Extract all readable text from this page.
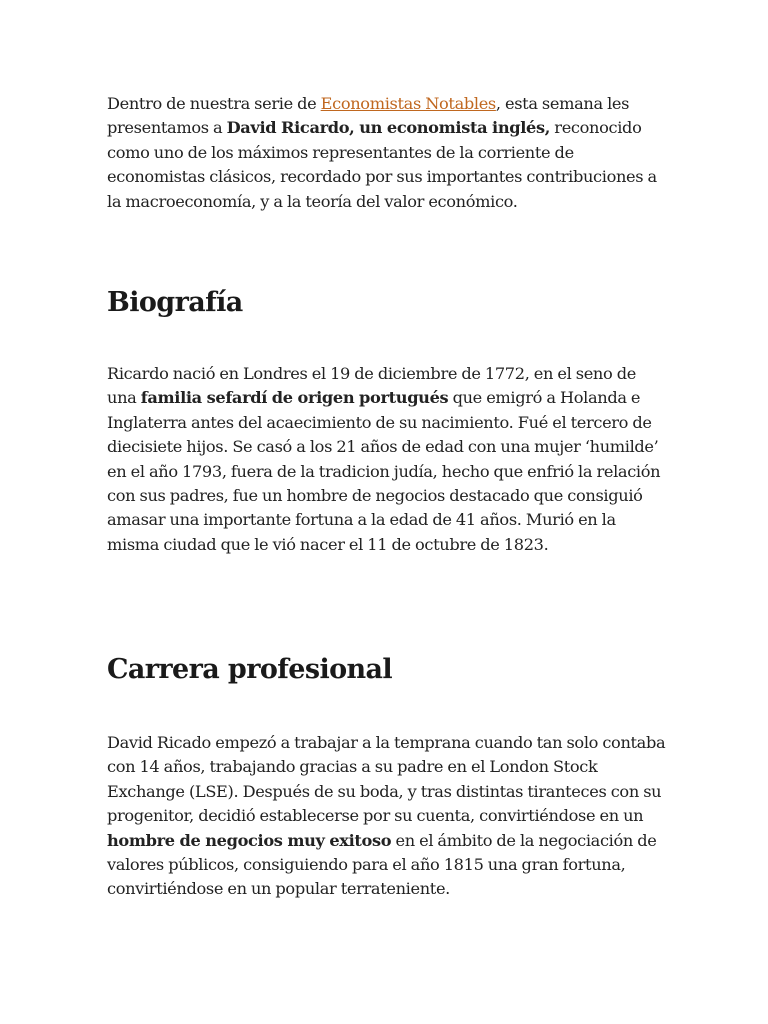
Dentro de nuestra serie de Economistas Notables, esta semana les presentamos a David Ricardo, un economista inglés, reconocido como uno de los máximos representantes de la corriente de economistas clásicos, recordado por sus importantes contribuciones a la macroeconomía, y a la teoría del valor económico.

Biografía

Ricardo nació en Londres el 19 de diciembre de 1772, en el seno de una familia sefardí de origen portugués que emigró a Holanda e Inglaterra antes del acaecimiento de su nacimiento. Fué el tercero de diecisiete hijos. Se casó a los 21 años de edad con una mujer ‘humilde’ en el año 1793, fuera de la tradicion judía, hecho que enfrió la relación con sus padres, fue un hombre de negocios destacado que consiguió amasar una importante fortuna a la edad de 41 años. Murió en la misma ciudad que le vió nacer el 11 de octubre de 1823.

Carrera profesional

David Ricado empezó a trabajar a la temprana cuando tan solo contaba con 14 años, trabajando gracias a su padre en el London Stock Exchange (LSE). Después de su boda, y tras distintas tiranteces con su progenitor, decidió establecerse por su cuenta, convirtiéndose en un hombre de negocios muy exitoso en el ámbito de la negociación de valores públicos, consiguiendo para el año 1815 una gran fortuna, convirtiéndose en un popular terrateniente.
